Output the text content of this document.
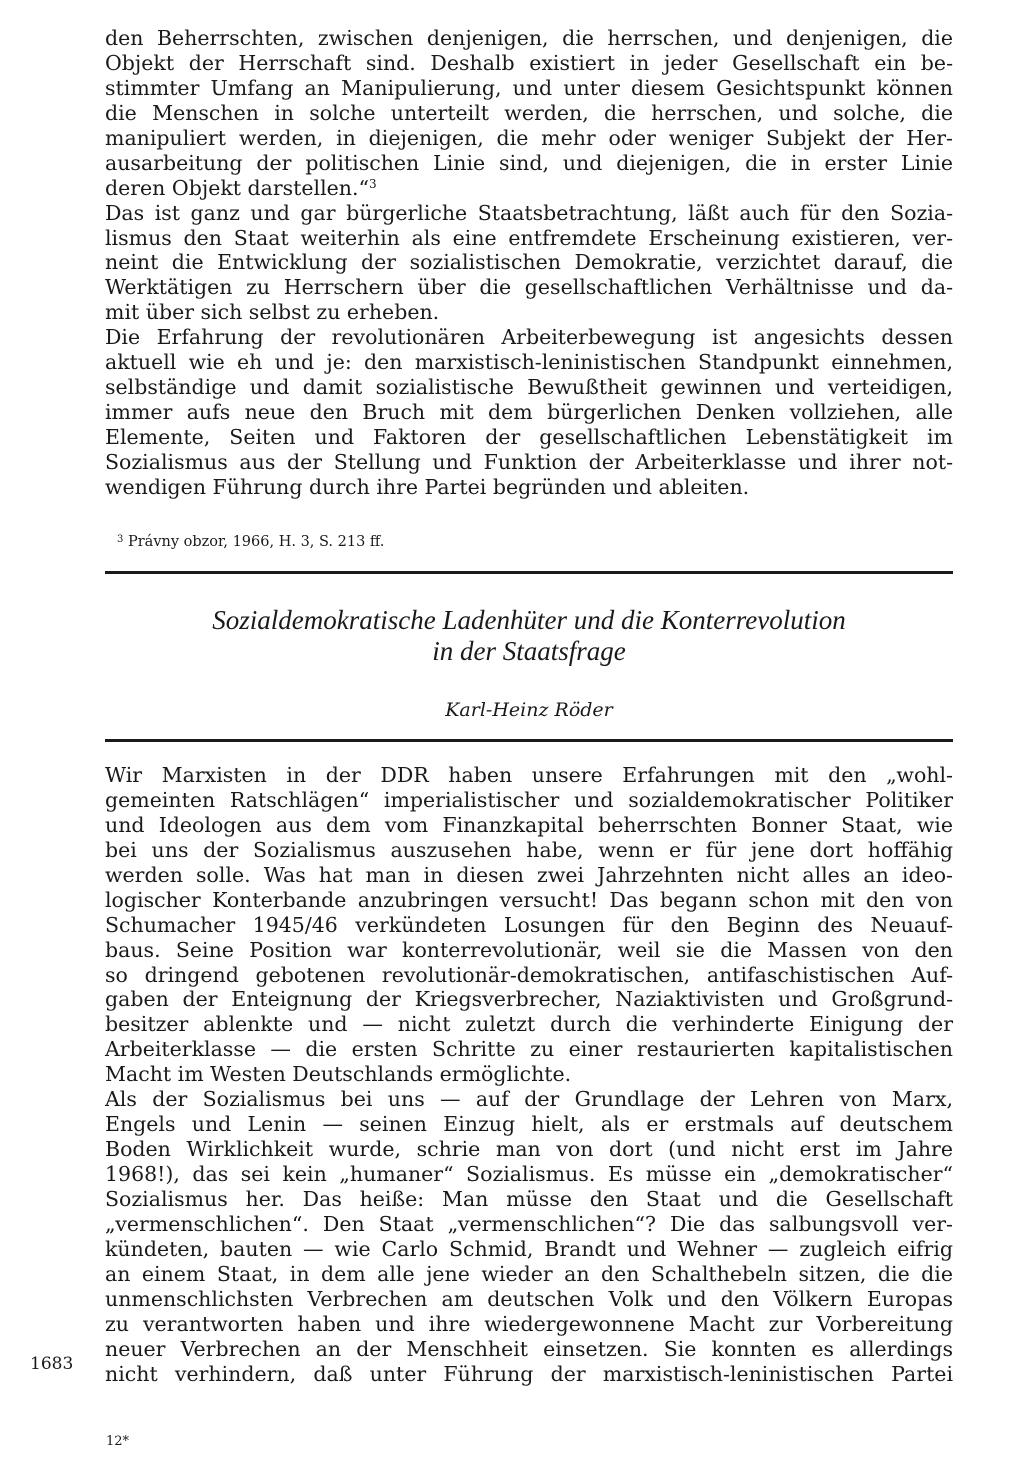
den Beherrschten, zwischen denjenigen, die herrschen, und denjenigen, die
Objekt der Herrschaft sind. Deshalb existiert in jeder Gesellschaft ein be-
stimmter Umfang an Manipulierung, und unter diesem Gesichtspunkt können
die Menschen in solche unterteilt werden, die herrschen, und solche, die
manipuliert werden, in diejenigen, die mehr oder weniger Subjekt der Her-
ausarbeitung der politischen Linie sind, und diejenigen, die in erster Linie
deren Objekt darstellen.“$^3$
Das ist ganz und gar bürgerliche Staatsbetrachtung, läßt auch für den Sozia-
lismus den Staat weiterhin als eine entfremdete Erscheinung existieren, ver-
neint die Entwicklung der sozialistischen Demokratie, verzichtet darauf, die
Werktätigen zu Herrschern über die gesellschaftlichen Verhältnisse und da-
mit über sich selbst zu erheben.
Die Erfahrung der revolutionären Arbeiterbewegung ist angesichts dessen
aktuell wie eh und je: den marxistisch-leninistischen Standpunkt einnehmen,
selbständige und damit sozialistische Bewußtheit gewinnen und verteidigen,
immer aufs neue den Bruch mit dem bürgerlichen Denken vollziehen, alle
Elemente, Seiten und Faktoren der gesellschaftlichen Lebenstätigkeit im
Sozialismus aus der Stellung und Funktion der Arbeiterklasse und ihrer not-
wendigen Führung durch ihre Partei begründen und ableiten.
$^3$ Právny obzor, 1966, H. 3, S. 213 ff.
Sozialdemokratische Ladenhüter und die Konterrevolution
in der Staatsfrage
Karl-Heinz Röder
Wir Marxisten in der DDR haben unsere Erfahrungen mit den „wohl-
gemeinten Ratschlägen“ imperialistischer und sozialdemokratischer Politiker
und Ideologen aus dem vom Finanzkapital beherrschten Bonner Staat, wie
bei uns der Sozialismus auszusehen habe, wenn er für jene dort hoffähig
werden solle. Was hat man in diesen zwei Jahrzehnten nicht alles an ideo-
logischer Konterbande anzubringen versucht! Das begann schon mit den von
Schumacher 1945/46 verkündeten Losungen für den Beginn des Neuauf-
baus. Seine Position war konterrevolutionär, weil sie die Massen von den
so dringend gebotenen revolutionär-demokratischen, antifaschistischen Auf-
gaben der Enteignung der Kriegsverbrecher, Naziaktivisten und Großgrund-
besitzer ablenkte und — nicht zuletzt durch die verhinderte Einigung der
Arbeiterklasse — die ersten Schritte zu einer restaurierten kapitalistischen
Macht im Westen Deutschlands ermöglichte.
Als der Sozialismus bei uns — auf der Grundlage der Lehren von Marx,
Engels und Lenin — seinen Einzug hielt, als er erstmals auf deutschem
Boden Wirklichkeit wurde, schrie man von dort (und nicht erst im Jahre
1968!), das sei kein „humaner“ Sozialismus. Es müsse ein „demokratischer“
Sozialismus her. Das heiße: Man müsse den Staat und die Gesellschaft
„vermenschlichen“. Den Staat „vermenschlichen“? Die das salbungsvoll ver-
kündeten, bauten — wie Carlo Schmid, Brandt und Wehner — zugleich eifrig
an einem Staat, in dem alle jene wieder an den Schalthebeln sitzen, die die
unmenschlichsten Verbrechen am deutschen Volk und den Völkern Europas
zu verantworten haben und ihre wiedergewonnene Macht zur Vorbereitung
neuer Verbrechen an der Menschheit einsetzen. Sie konnten es allerdings
nicht verhindern, daß unter Führung der marxistisch-leninistischen Partei
1683
12*
